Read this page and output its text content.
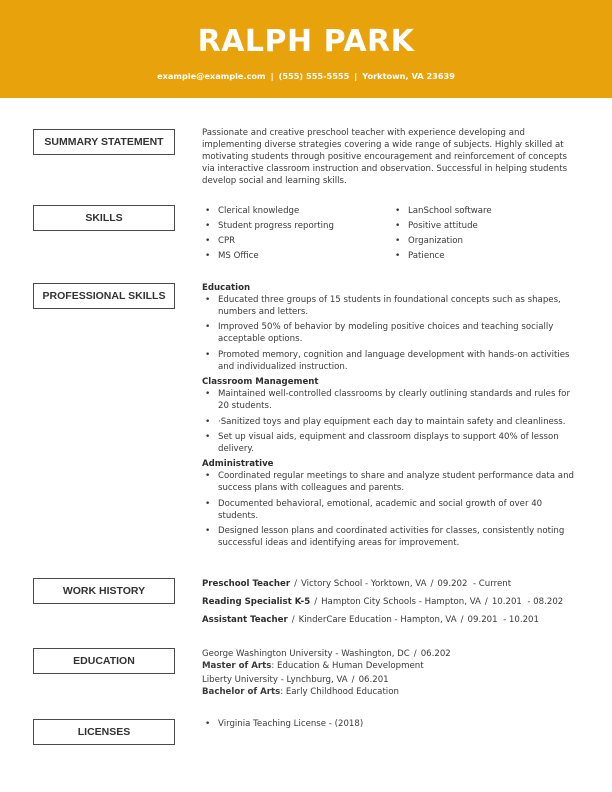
RALPH PARK
example@example.com | (555) 555-5555 | Yorktown, VA 23639
SUMMARY STATEMENT
Passionate and creative preschool teacher with experience developing and implementing diverse strategies covering a wide range of subjects. Highly skilled at motivating students through positive encouragement and reinforcement of concepts via interactive classroom instruction and observation. Successful in helping students develop social and learning skills.
SKILLS
• Clerical knowledge
• Student progress reporting
• CPR
• MS Office
• LanSchool software
• Positive attitude
• Organization
• Patience
PROFESSIONAL SKILLS
Education
• Educated three groups of 15 students in foundational concepts such as shapes, numbers and letters.
• Improved 50% of behavior by modeling positive choices and teaching socially acceptable options.
• Promoted memory, cognition and language development with hands-on activities and individualized instruction.
Classroom Management
• Maintained well-controlled classrooms by clearly outlining standards and rules for 20 students.
• ·Sanitized toys and play equipment each day to maintain safety and cleanliness.
• Set up visual aids, equipment and classroom displays to support 40% of lesson delivery.
Administrative
• Coordinated regular meetings to share and analyze student performance data and success plans with colleagues and parents.
• Documented behavioral, emotional, academic and social growth of over 40 students.
• Designed lesson plans and coordinated activities for classes, consistently noting successful ideas and identifying areas for improvement.
WORK HISTORY
Preschool Teacher / Victory School - Yorktown, VA / 09.202  - Current
Reading Specialist K-5 / Hampton City Schools - Hampton, VA / 10.201  - 08.202
Assistant Teacher / KinderCare Education - Hampton, VA / 09.201  - 10.201
EDUCATION
George Washington University - Washington, DC / 06.202
Master of Arts: Education & Human Development
Liberty University - Lynchburg, VA / 06.201
Bachelor of Arts: Early Childhood Education
LICENSES
• Virginia Teaching License - (2018)
